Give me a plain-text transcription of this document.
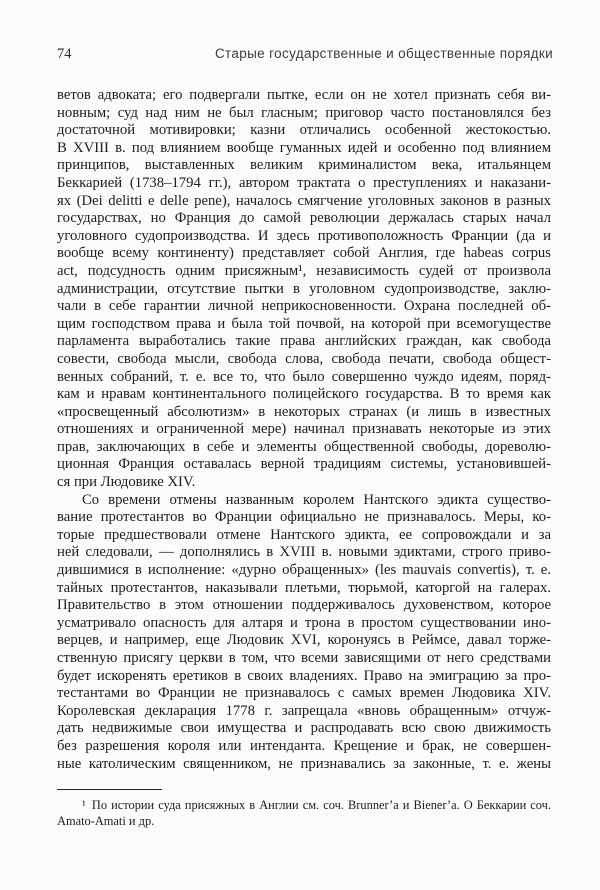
74	Старые государственные и общественные порядки
ветов адвоката; его подвергали пытке, если он не хотел признать себя ви-
новным; суд над ним не был гласным; приговор часто постановлялся без
достаточной мотивировки; казни отличались особенной жестокостью.
В XVIII в. под влиянием вообще гуманных идей и особенно под влиянием
принципов, выставленных великим криминалистом века, итальянцем
Беккарией (1738–1794 гг.), автором трактата о преступлениях и наказани-
ях (Dei delitti e delle pene), началось смягчение уголовных законов в разных
государствах, но Франция до самой революции держалась старых начал
уголовного судопроизводства. И здесь противоположность Франции (да и
вообще всему континенту) представляет собой Англия, где habeas corpus
act, подсудность одним присяжным¹, независимость судей от произвола
администрации, отсутствие пытки в уголовном судопроизводстве, заклю-
чали в себе гарантии личной неприкосновенности. Охрана последней об-
щим господством права и была той почвой, на которой при всемогуществе
парламента выработались такие права английских граждан, как свобода
совести, свобода мысли, свобода слова, свобода печати, свобода общест-
венных собраний, т. е. все то, что было совершенно чуждо идеям, поряд-
кам и нравам континентального полицейского государства. В то время как
«просвещенный абсолютизм» в некоторых странах (и лишь в известных
отношениях и ограниченной мере) начинал признавать некоторые из этих
прав, заключающих в себе и элементы общественной свободы, дореволю-
ционная Франция оставалась верной традициям системы, установившей-
ся при Людовике XIV.
Со времени отмены названным королем Нантского эдикта существо-
вание протестантов во Франции официально не признавалось. Меры, ко-
торые предшествовали отмене Нантского эдикта, ее сопровождали и за
ней следовали, — дополнялись в XVIII в. новыми эдиктами, строго приво-
дившимися в исполнение: «дурно обращенных» (les mauvais convertis), т. е.
тайных протестантов, наказывали плетьми, тюрьмой, каторгой на галерах.
Правительство в этом отношении поддерживалось духовенством, которое
усматривало опасность для алтаря и трона в простом существовании ино-
верцев, и например, еще Людовик XVI, коронуясь в Реймсе, давал торже-
ственную присягу церкви в том, что всеми зависящими от него средствами
будет искоренять еретиков в своих владениях. Право на эмиграцию за про-
тестантами во Франции не признавалось с самых времен Людовика XIV.
Королевская декларация 1778 г. запрещала «вновь обращенным» отчуж-
дать недвижимые свои имущества и распродавать всю свою движимость
без разрешения короля или интенданта. Крещение и брак, не совершен-
ные католическим священником, не признавались за законные, т. е. жены
¹ По истории суда присяжных в Англии см. соч. Brunner’a и Biener’a. О Беккарии соч.
Amato-Amati и др.
